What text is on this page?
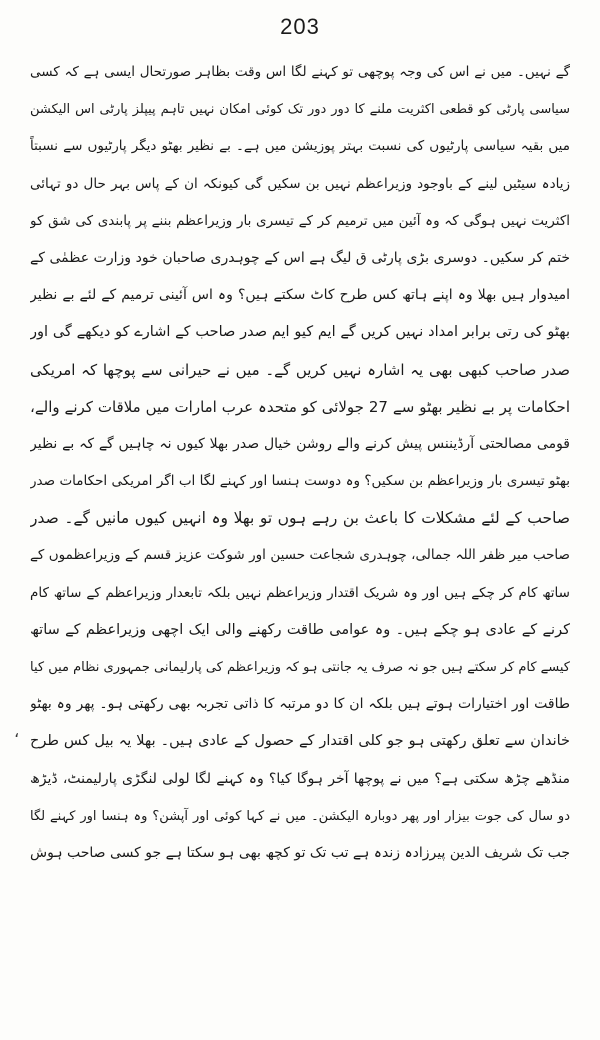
203
،
گے نہیں۔ میں نے اس کی وجہ پوچھی تو کہنے لگا اس وقت بظاہر صورتحال ایسی ہے کہ کسی
سیاسی پارٹی کو قطعی اکثریت ملنے کا دور دور تک کوئی امکان نہیں تاہم پیپلز پارٹی اس الیکشن
میں بقیہ سیاسی پارٹیوں کی نسبت بہتر پوزیشن میں ہے۔ بے نظیر بھٹو دیگر پارٹیوں سے نسبتاً
زیادہ سیٹیں لینے کے باوجود وزیراعظم نہیں بن سکیں گی کیونکہ ان کے پاس بہر حال دو تہائی
اکثریت نہیں ہوگی کہ وہ آئین میں ترمیم کر کے تیسری بار وزیراعظم بننے پر پابندی کی شق کو
ختم کر سکیں۔ دوسری بڑی پارٹی ق لیگ ہے اس کے چوہدری صاحبان خود وزارت عظمٰی کے
امیدوار ہیں بھلا وہ اپنے ہاتھ کس طرح کاٹ سکتے ہیں؟ وہ اس آئینی ترمیم کے لئے بے نظیر
بھٹو کی رتی برابر امداد نہیں کریں گے ایم کیو ایم صدر صاحب کے اشارے کو دیکھے گی اور
صدر صاحب کبھی بھی یہ اشارہ نہیں کریں گے۔ میں نے حیرانی سے پوچھا کہ امریکی
احکامات پر بے نظیر بھٹو سے 27 جولائی کو متحدہ عرب امارات میں ملاقات کرنے والے،
قومی مصالحتی آرڈیننس پیش کرنے والے روشن خیال صدر بھلا کیوں نہ چاہیں گے کہ بے نظیر
بھٹو تیسری بار وزیراعظم بن سکیں؟ وہ دوست ہنسا اور کہنے لگا اب اگر امریکی احکامات صدر
صاحب کے لئے مشکلات کا باعث بن رہے ہوں تو بھلا وہ انہیں کیوں مانیں گے۔ صدر
صاحب میر ظفر اللہ جمالی، چوہدری شجاعت حسین اور شوکت عزیز قسم کے وزیراعظموں کے
ساتھ کام کر چکے ہیں اور وہ شریک اقتدار وزیراعظم نہیں بلکہ تابعدار وزیراعظم کے ساتھ کام
کرنے کے عادی ہو چکے ہیں۔ وہ عوامی طاقت رکھنے والی ایک اچھی وزیراعظم کے ساتھ
کیسے کام کر سکتے ہیں جو نہ صرف یہ جانتی ہو کہ وزیراعظم کی پارلیمانی جمہوری نظام میں کیا
طاقت اور اختیارات ہوتے ہیں بلکہ ان کا دو مرتبہ کا ذاتی تجربہ بھی رکھتی ہو۔ پھر وہ بھٹو
خاندان سے تعلق رکھتی ہو جو کلی اقتدار کے حصول کے عادی ہیں۔ بھلا یہ بیل کس طرح
منڈھے چڑھ سکتی ہے؟ میں نے پوچھا آخر ہوگا کیا؟ وہ کہنے لگا لولی لنگڑی پارلیمنٹ، ڈیڑھ
دو سال کی جوت بیزار اور پھر دوبارہ الیکشن۔ میں نے کہا کوئی اور آپشن؟ وہ ہنسا اور کہنے لگا
جب تک شریف الدین پیرزادہ زندہ ہے تب تک تو کچھ بھی ہو سکتا ہے جو کسی صاحب ہوش
